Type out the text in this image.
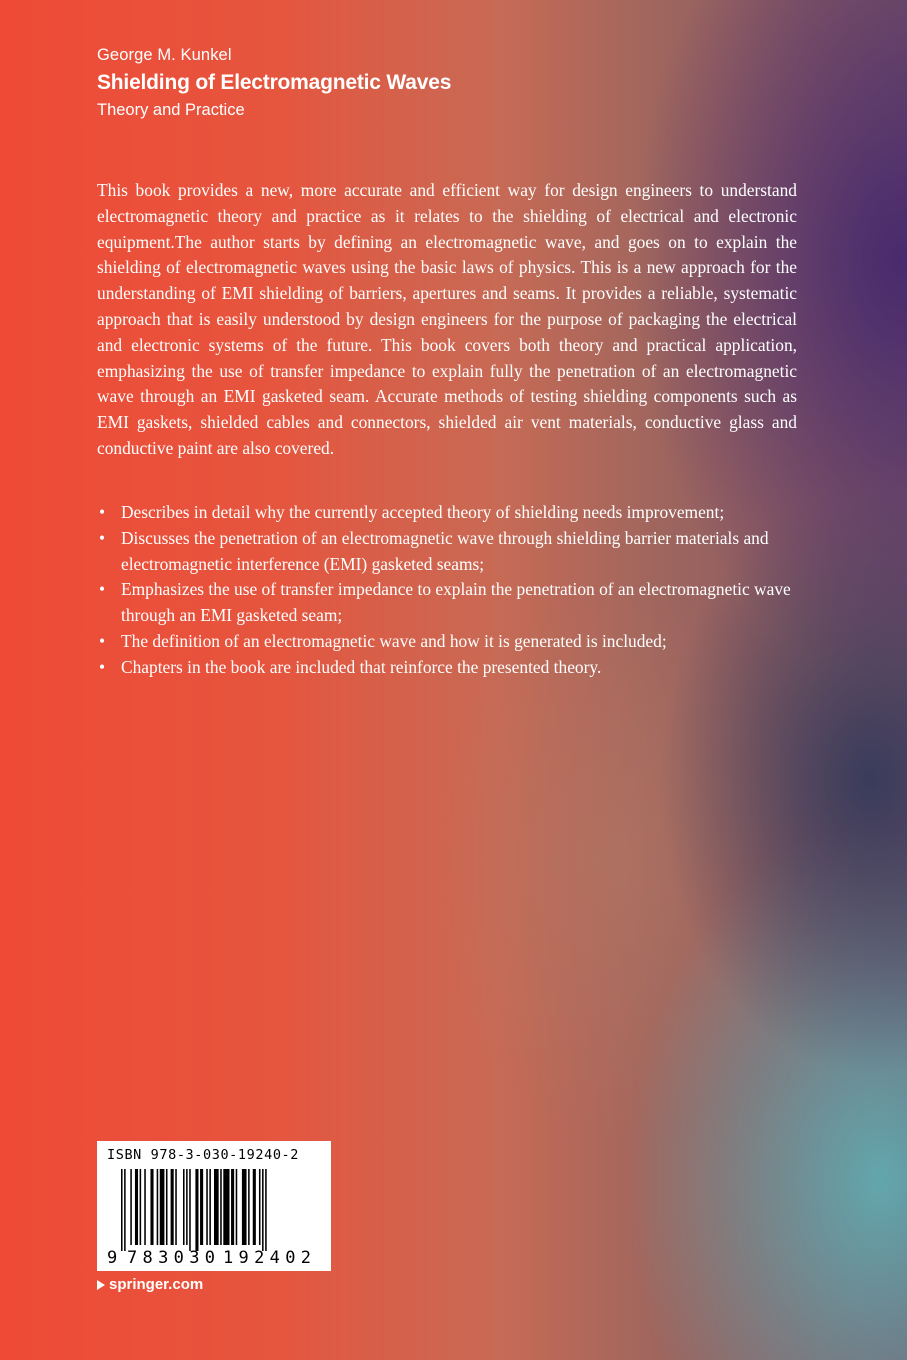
George M. Kunkel
Shielding of Electromagnetic Waves
Theory and Practice

This book provides a new, more accurate and efficient way for design engineers to understand electromagnetic theory and practice as it relates to the shielding of electrical and electronic equipment.The author starts by defining an electromagnetic wave, and goes on to explain the shielding of electromagnetic waves using the basic laws of physics. This is a new approach for the understanding of EMI shielding of barriers, apertures and seams. It provides a reliable, systematic approach that is easily understood by design engineers for the purpose of packaging the electrical and electronic systems of the future. This book covers both theory and practical application, emphasizing the use of transfer impedance to explain fully the penetration of an electromagnetic wave through an EMI gasketed seam. Accurate methods of testing shielding components such as EMI gaskets, shielded cables and connectors, shielded air vent materials, conductive glass and conductive paint are also covered.

• Describes in detail why the currently accepted theory of shielding needs improvement;
• Discusses the penetration of an electromagnetic wave through shielding barrier materials and electromagnetic interference (EMI) gasketed seams;
• Emphasizes the use of transfer impedance to explain the penetration of an electromagnetic wave through an EMI gasketed seam;
• The definition of an electromagnetic wave and how it is generated is included;
• Chapters in the book are included that reinforce the presented theory.
ISBN 978-3-030-19240-2
9 783030 192402
springer.com
